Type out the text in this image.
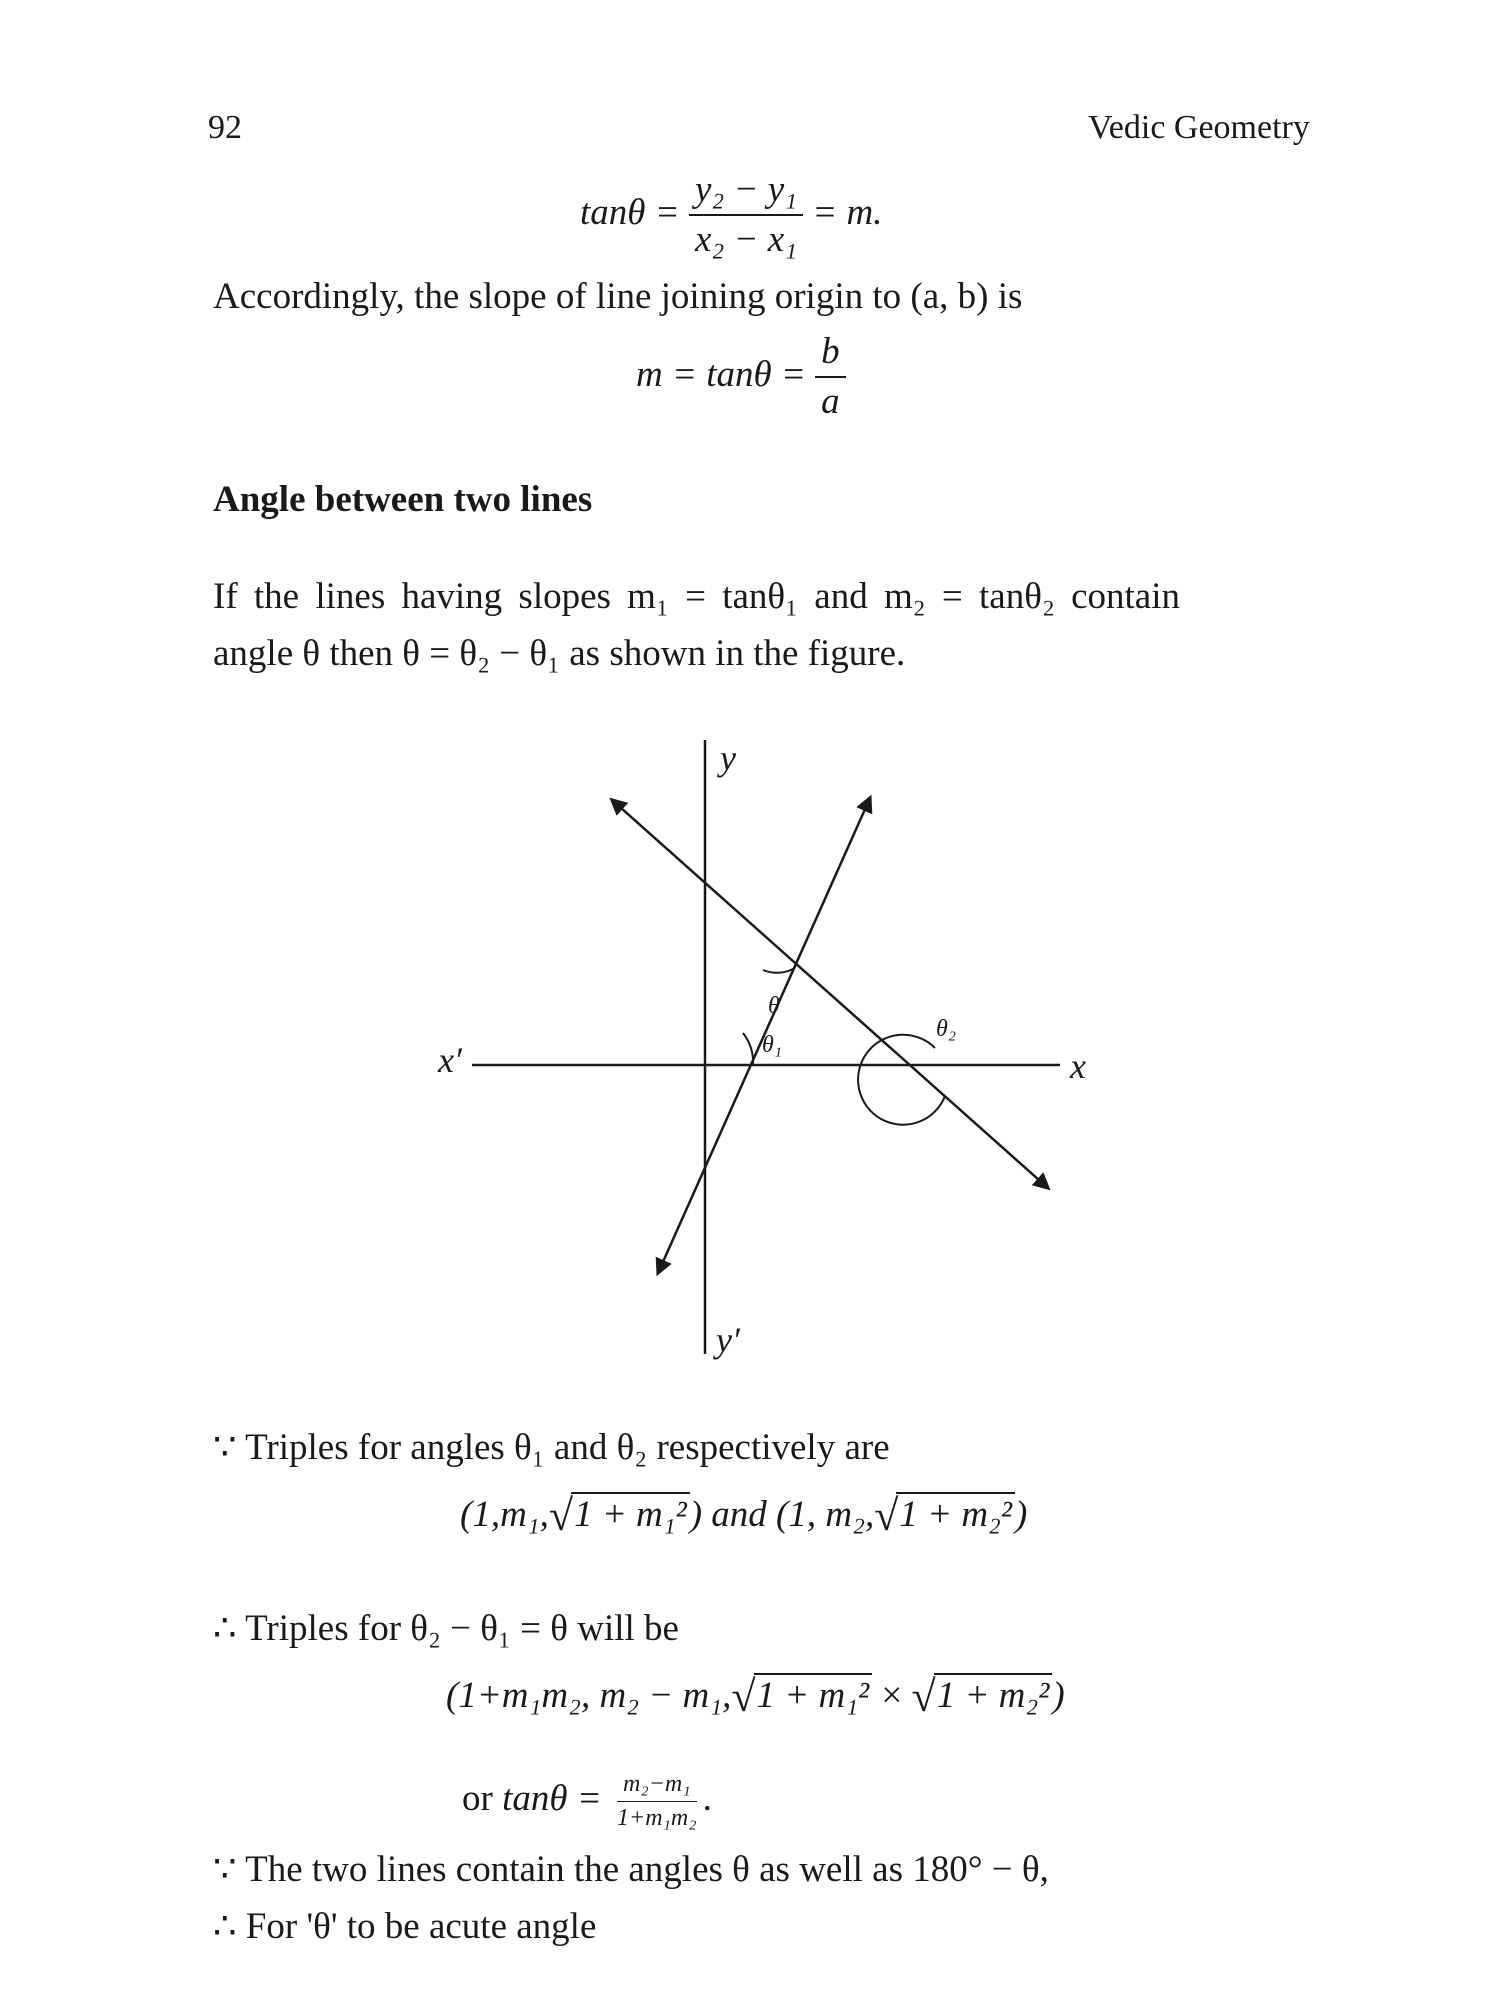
92	Vedic Geometry
$\tan\theta = \frac{\text{y₂ − y₁}}{\text{x₂ − x₁}} = m$.
Accordingly, the slope of line joining origin to (a, b) is
$m = \tan\theta = \frac{b}{a}$
Angle between two lines
If the lines having slopes m₁ = tanθ₁ and m₂ = tanθ₂ contain
angle θ then θ = θ₂ − θ₁ as shown in the figure.
y
y′
x
x′
θ
θ₁
θ₂
∵ Triples for angles θ₁ and θ₂ respectively are
(1,m₁,√1 + m₁²) and (1, m₂,√1 + m₂²)
∴ Triples for θ₂ − θ₁ = θ will be
(1+m₁m₂, m₂ − m₁,√1 + m₁² × √1 + m₂²)
or $\tan\theta = \frac{\text{m₂−m₁}}{\text{1+m₁m₂}}$ .
∵ The two lines contain the angles θ as well as 180° − θ,
∴ For 'θ' to be acute angle
